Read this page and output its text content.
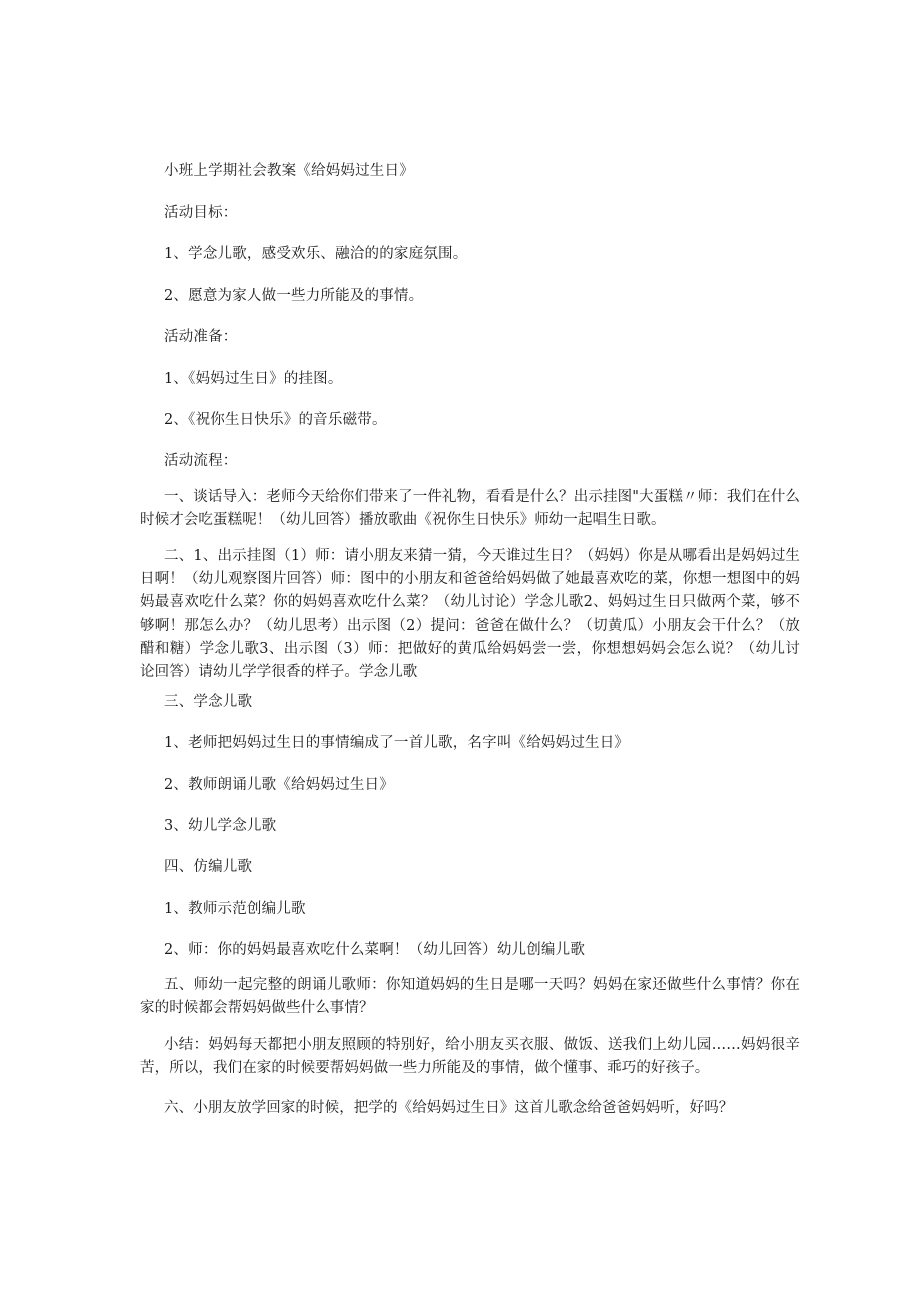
小班上学期社会教案《给妈妈过生日》
活动目标：
1、学念儿歌，感受欢乐、融洽的的家庭氛围。
2、愿意为家人做一些力所能及的事情。
活动准备：
1、《妈妈过生日》的挂图。
2、《祝你生日快乐》的音乐磁带。
活动流程：
一、谈话导入：老师今天给你们带来了一件礼物，看看是什么？出示挂图"大蛋糕〃师：我们在什么时候才会吃蛋糕呢！（幼儿回答）播放歌曲《祝你生日快乐》师幼一起唱生日歌。
二、1、出示挂图（1）师：请小朋友来猜一猜，今天谁过生日？（妈妈）你是从哪看出是妈妈过生日啊！（幼儿观察图片回答）师：图中的小朋友和爸爸给妈妈做了她最喜欢吃的菜，你想一想图中的妈妈最喜欢吃什么菜？你的妈妈喜欢吃什么菜？（幼儿讨论）学念儿歌2、妈妈过生日只做两个菜，够不够啊！那怎么办？（幼儿思考）出示图（2）提问：爸爸在做什么？（切黄瓜）小朋友会干什么？（放醋和糖）学念儿歌3、出示图（3）师：把做好的黄瓜给妈妈尝一尝，你想想妈妈会怎么说？（幼儿讨论回答）请幼儿学学很香的样子。学念儿歌
三、学念儿歌
1、老师把妈妈过生日的事情编成了一首儿歌，名字叫《给妈妈过生日》
2、教师朗诵儿歌《给妈妈过生日》
3、幼儿学念儿歌
四、仿编儿歌
1、教师示范创编儿歌
2、师：你的妈妈最喜欢吃什么菜啊！（幼儿回答）幼儿创编儿歌
五、师幼一起完整的朗诵儿歌师：你知道妈妈的生日是哪一天吗？妈妈在家还做些什么事情？你在家的时候都会帮妈妈做些什么事情？
小结：妈妈每天都把小朋友照顾的特别好，给小朋友买衣服、做饭、送我们上幼儿园……妈妈很辛苦，所以，我们在家的时候要帮妈妈做一些力所能及的事情，做个懂事、乖巧的好孩子。
六、小朋友放学回家的时候，把学的《给妈妈过生日》这首儿歌念给爸爸妈妈听，好吗？
